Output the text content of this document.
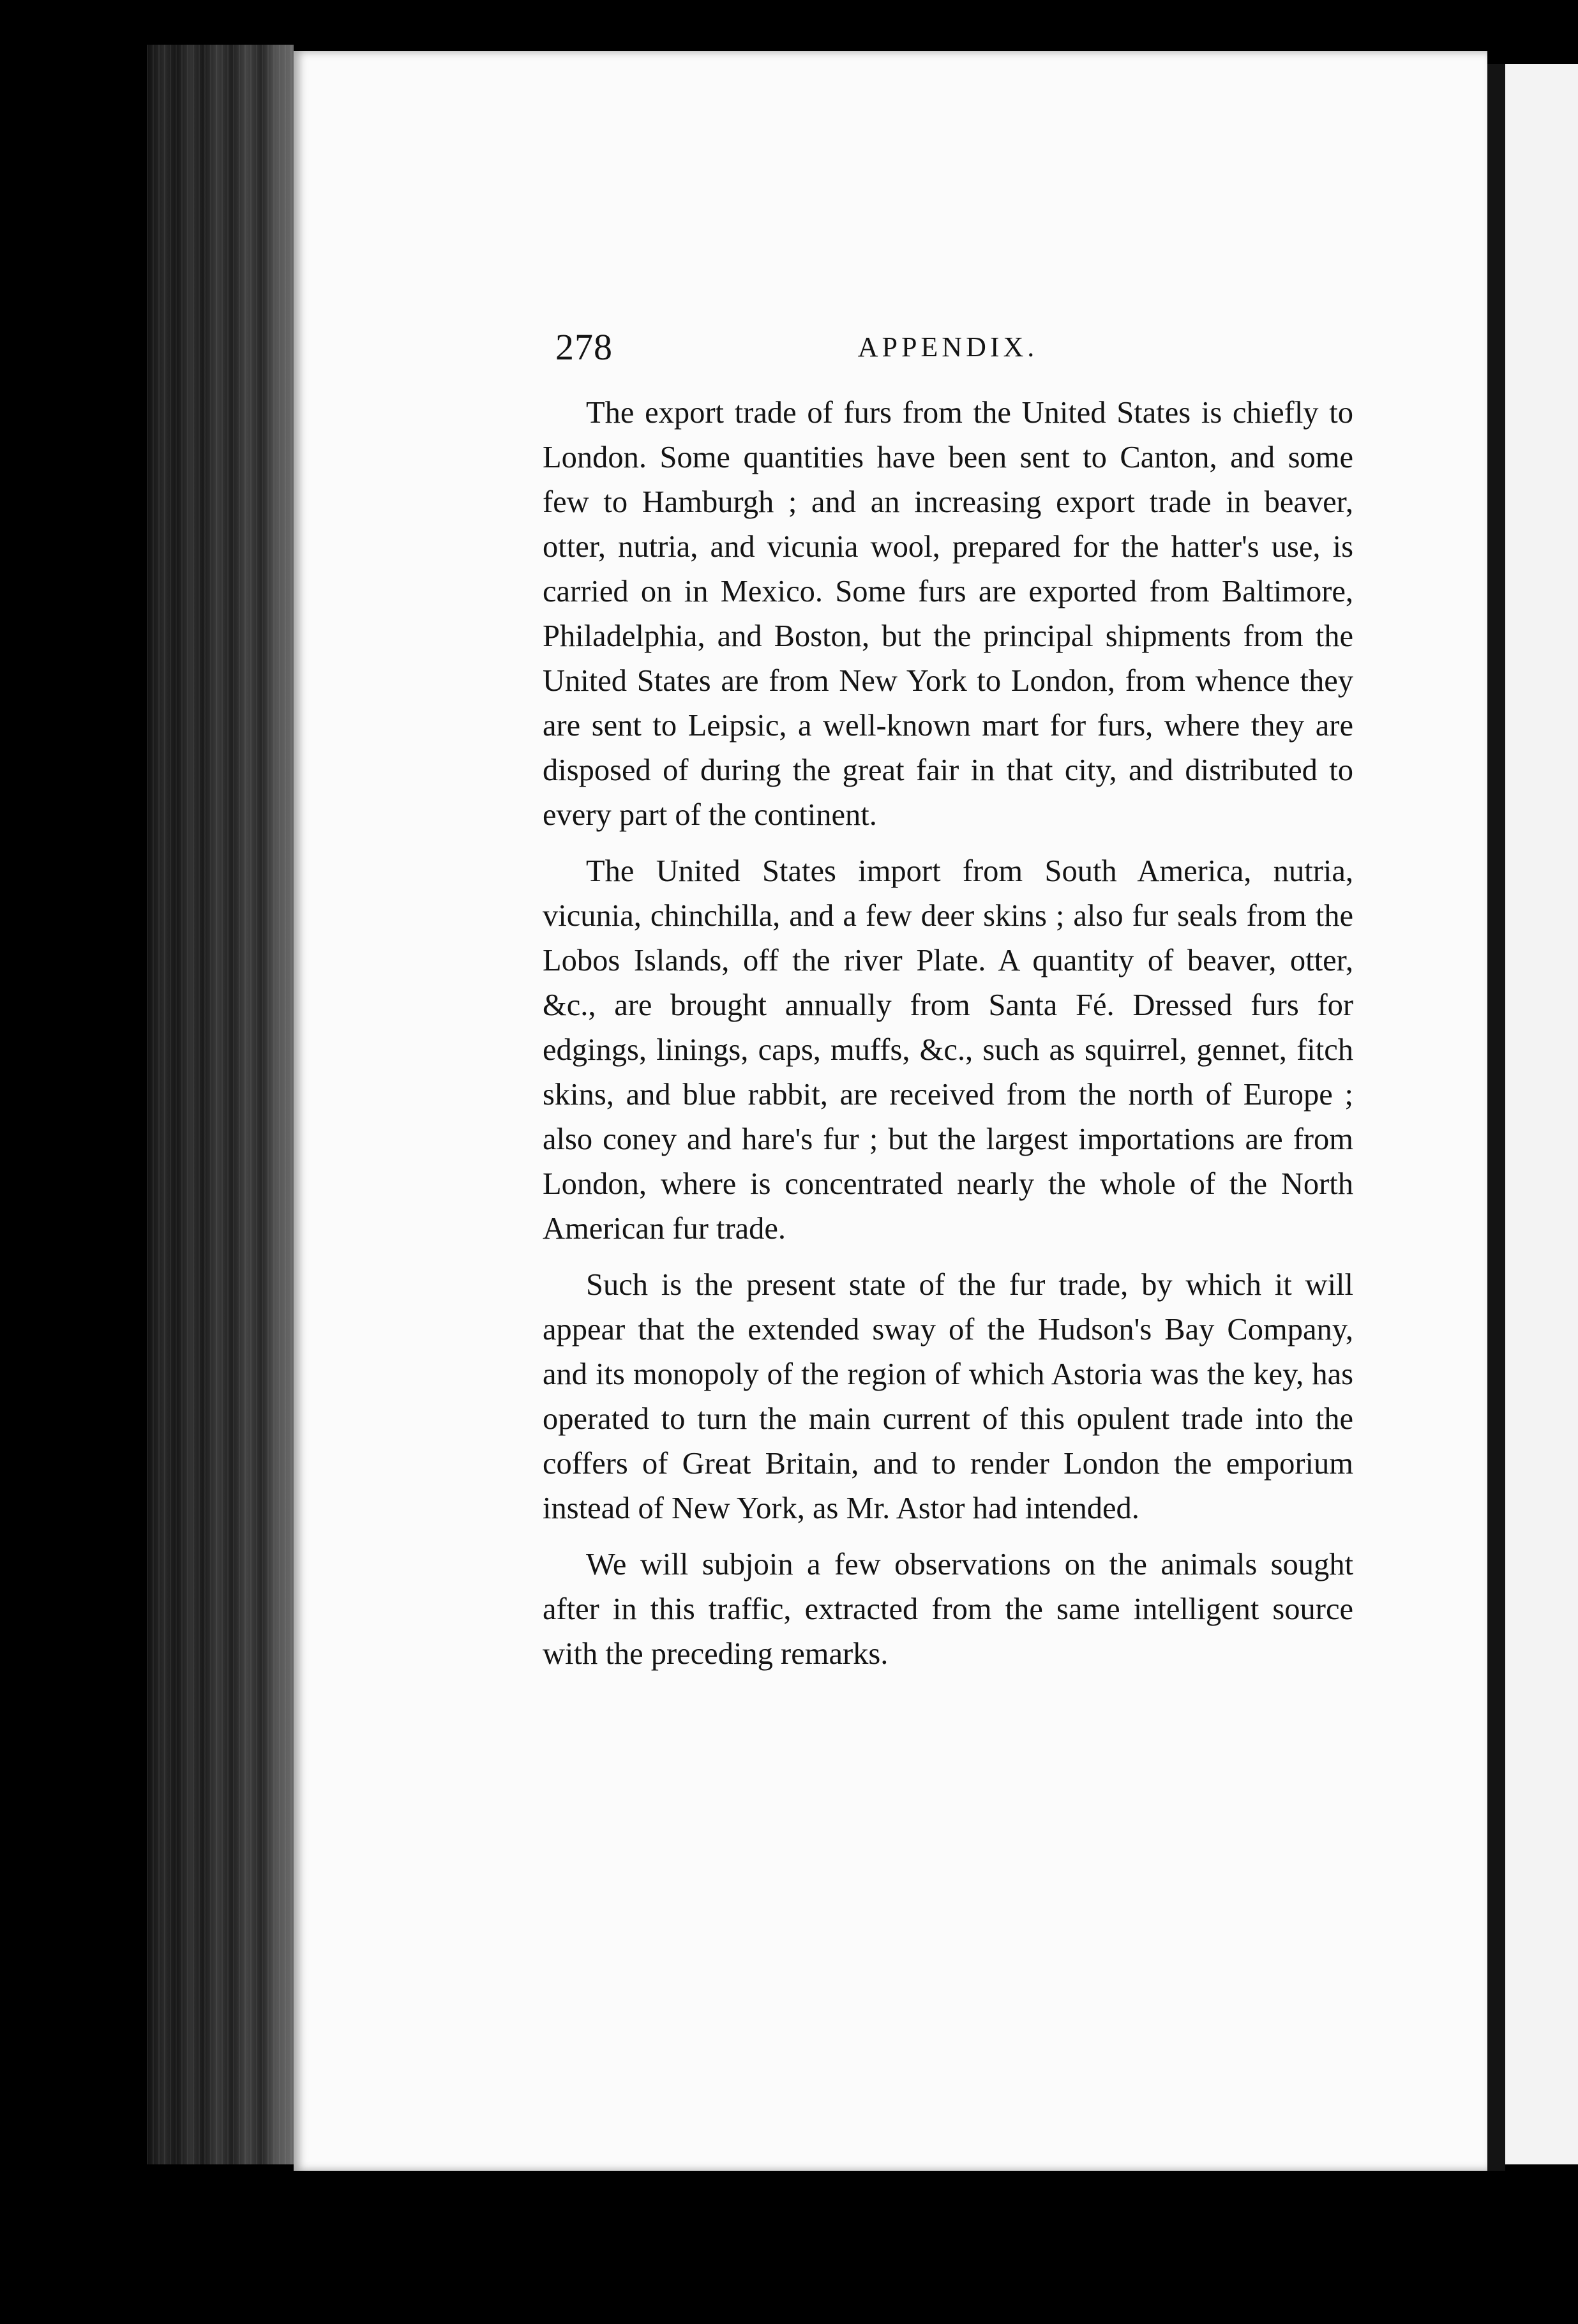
278	APPENDIX.

The export trade of furs from the United States is chiefly to London. Some quantities have been sent to Canton, and some few to Hamburgh ; and an increasing export trade in beaver, otter, nutria, and vicunia wool, prepared for the hatter's use, is carried on in Mexico. Some furs are exported from Baltimore, Philadelphia, and Boston, but the principal shipments from the United States are from New York to London, from whence they are sent to Leipsic, a well-known mart for furs, where they are disposed of during the great fair in that city, and distributed to every part of the continent.

The United States import from South America, nutria, vicunia, chinchilla, and a few deer skins ; also fur seals from the Lobos Islands, off the river Plate. A quantity of beaver, otter, &c., are brought annually from Santa Fé. Dressed furs for edgings, linings, caps, muffs, &c., such as squirrel, gennet, fitch skins, and blue rabbit, are received from the north of Europe ; also coney and hare's fur ; but the largest importations are from London, where is concentrated nearly the whole of the North American fur trade.

Such is the present state of the fur trade, by which it will appear that the extended sway of the Hudson's Bay Company, and its monopoly of the region of which Astoria was the key, has operated to turn the main current of this opulent trade into the coffers of Great Britain, and to render London the emporium instead of New York, as Mr. Astor had intended.

We will subjoin a few observations on the animals sought after in this traffic, extracted from the same intelligent source with the preceding remarks.
